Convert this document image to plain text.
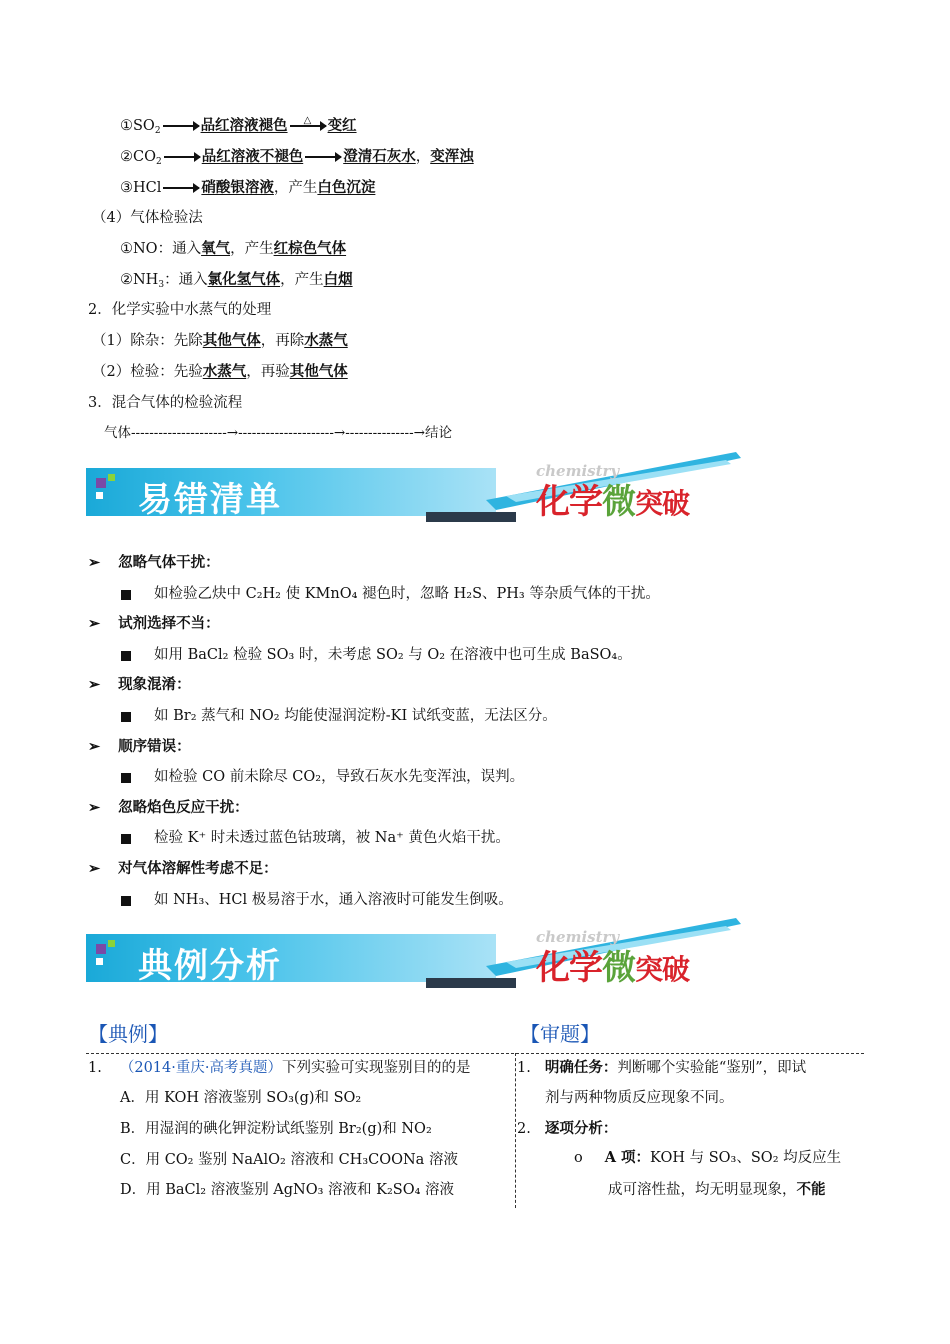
$①SO_2$	品红溶液褪色 △ 变红
$②CO_2$	品红溶液不褪色	澄清石灰水，变浑浊
③HCl	硝酸银溶液，产生白色沉淀
（4）气体检验法
①NO：通入氧气，产生红棕色气体
$②NH_3$：通入氯化氢气体，产生白烟
2．化学实验中水蒸气的处理
（1）除杂：先除其他气体，再除水蒸气
（2）检验：先验水蒸气，再验其他气体
3．混合气体的检验流程
气体---------------------→---------------------→---------------→结论
易错清单
chemistry
化学微突破
➢ 忽略气体干扰：
如检验乙炔中 C₂H₂ 使 KMnO₄ 褪色时，忽略 H₂S、PH₃ 等杂质气体的干扰。
➢ 试剂选择不当：
如用 BaCl₂ 检验 SO₃ 时，未考虑 SO₂ 与 O₂ 在溶液中也可生成 BaSO₄。
➢ 现象混淆：
如 Br₂ 蒸气和 NO₂ 均能使湿润淀粉-KI 试纸变蓝，无法区分。
➢ 顺序错误：
如检验 CO 前未除尽 CO₂，导致石灰水先变浑浊，误判。
➢ 忽略焰色反应干扰：
检验 K⁺ 时未透过蓝色钴玻璃，被 Na⁺ 黄色火焰干扰。
➢ 对气体溶解性考虑不足：
如 NH₃、HCl 极易溶于水，通入溶液时可能发生倒吸。
典例分析
chemistry
化学微突破
【典例】	【审题】
1. （2014·重庆·高考真题）下列实验可实现鉴别目的的是
A．用 KOH 溶液鉴别 SO₃(g)和 SO₂
B．用湿润的碘化钾淀粉试纸鉴别 Br₂(g)和 NO₂
C．用 CO₂ 鉴别 NaAlO₂ 溶液和 CH₃COONa 溶液
D．用 BaCl₂ 溶液鉴别 AgNO₃ 溶液和 K₂SO₄ 溶液
1. 明确任务：判断哪个实验能“鉴别”，即试
剂与两种物质反应现象不同。
2. 逐项分析：
o A 项：KOH 与 SO₃、SO₂ 均反应生
成可溶性盐，均无明显现象，不能
